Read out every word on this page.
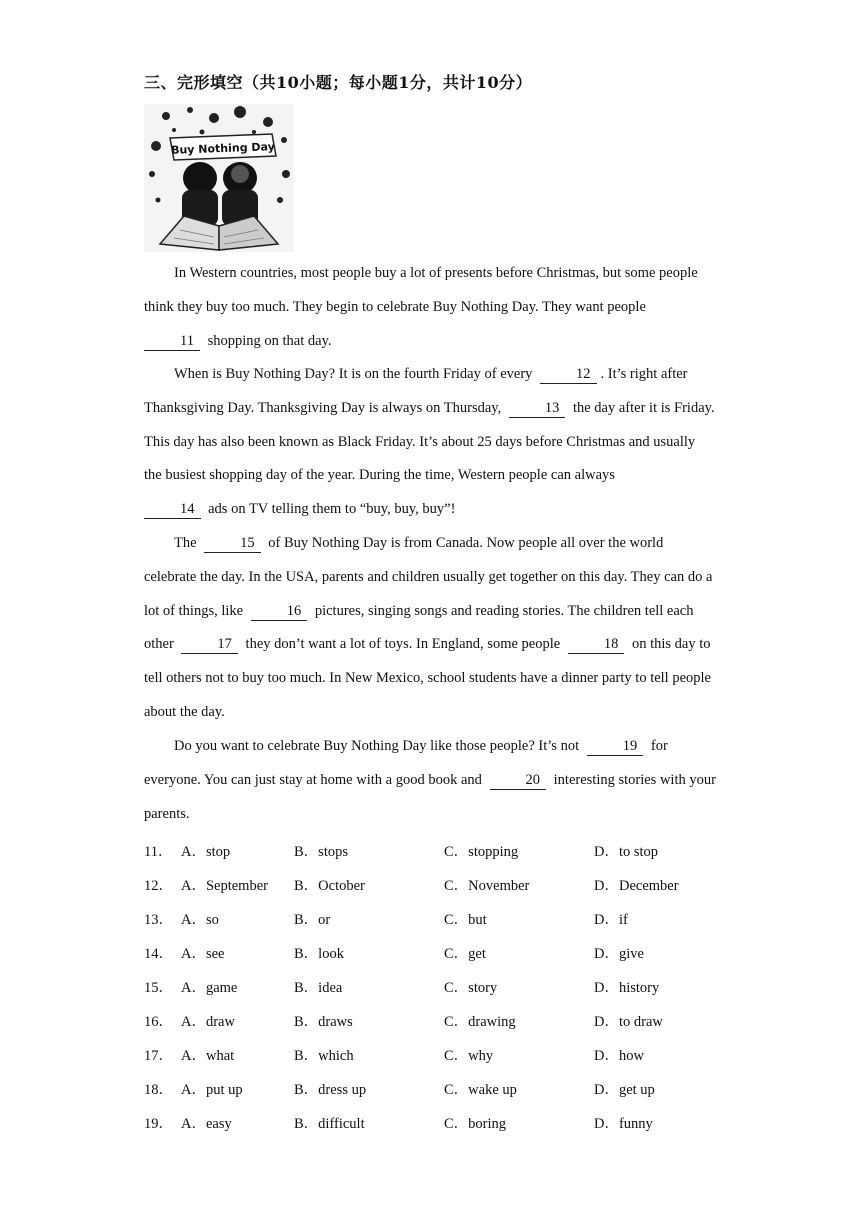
三、完形填空（共10小题；每小题1分，共计10分）
Buy Nothing Day

In Western countries, most people buy a lot of presents before Christmas, but some people think they buy too much. They begin to celebrate Buy Nothing Day. They want people
11 shopping on that day.

When is Buy Nothing Day? It is on the fourth Friday of every	12 . It’s right after Thanksgiving Day. Thanksgiving Day is always on Thursday,	13 the day after it is Friday. This day has also been known as Black Friday. It’s about 25 days before Christmas and usually the busiest shopping day of the year. During the time, Western people can always
14 ads on TV telling them to “buy, buy, buy”!

The	15 of Buy Nothing Day is from Canada. Now people all over the world celebrate the day. In the USA, parents and children usually get together on this day. They can do a lot of things, like	16 pictures, singing songs and reading stories. The children tell each other	17 they don’t want a lot of toys. In England, some people	18 on this day to tell others not to buy too much. In New Mexico, school students have a dinner party to tell people about the day.

Do you want to celebrate Buy Nothing Day like those people? It’s not	19 for everyone. You can just stay at home with a good book and	20 interesting stories with your parents.

11． A．stop	B．stops	C．stopping	D．to stop
12． A．September B．October	C．November	D．December
13． A．so	B．or	C．but	D．if
14． A．see	B．look	C．get	D．give
15． A．game	B．idea	C．story	D．history
16． A．draw	B．draws	C．drawing	D．to draw
17． A．what	B．which	C．why	D．how
18． A．put up	B．dress up	C．wake up	D．get up
19． A．easy	B．difficult	C．boring	D．funny
